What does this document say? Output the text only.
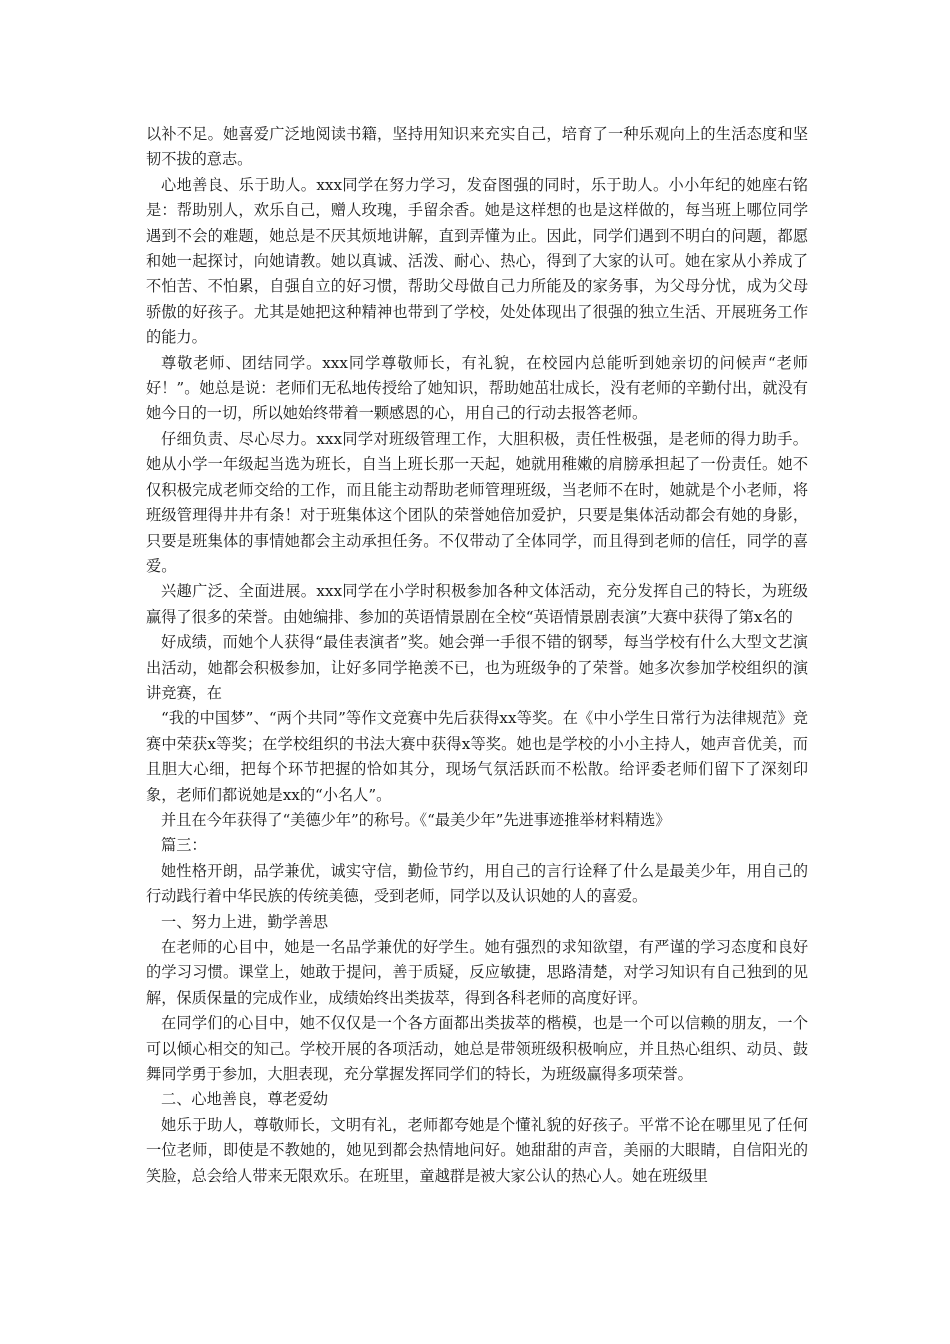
以补不足。她喜爱广泛地阅读书籍，坚持用知识来充实自己，培育了一种乐观向上的生活态度和坚韧不拔的意志。

心地善良、乐于助人。xxx同学在努力学习，发奋图强的同时，乐于助人。小小年纪的她座右铭是：帮助别人，欢乐自己，赠人玫瑰，手留余香。她是这样想的也是这样做的，每当班上哪位同学遇到不会的难题，她总是不厌其烦地讲解，直到弄懂为止。因此，同学们遇到不明白的问题，都愿和她一起探讨，向她请教。她以真诚、活泼、耐心、热心，得到了大家的认可。她在家从小养成了不怕苦、不怕累，自强自立的好习惯，帮助父母做自己力所能及的家务事，为父母分忧，成为父母骄傲的好孩子。尤其是她把这种精神也带到了学校，处处体现出了很强的独立生活、开展班务工作的能力。

尊敬老师、团结同学。xxx同学尊敬师长，有礼貌，在校园内总能听到她亲切的问候声“老师好！”。她总是说：老师们无私地传授给了她知识，帮助她茁壮成长，没有老师的辛勤付出，就没有她今日的一切，所以她始终带着一颗感恩的心，用自己的行动去报答老师。

仔细负责、尽心尽力。xxx同学对班级管理工作，大胆积极，责任性极强，是老师的得力助手。她从小学一年级起当选为班长，自当上班长那一天起，她就用稚嫩的肩膀承担起了一份责任。她不仅积极完成老师交给的工作，而且能主动帮助老师管理班级，当老师不在时，她就是个小老师，将班级管理得井井有条！对于班集体这个团队的荣誉她倍加爱护，只要是集体活动都会有她的身影，只要是班集体的事情她都会主动承担任务。不仅带动了全体同学，而且得到老师的信任，同学的喜爱。

兴趣广泛、全面进展。xxx同学在小学时积极参加各种文体活动，充分发挥自己的特长，为班级赢得了很多的荣誉。由她编排、参加的英语情景剧在全校“英语情景剧表演”大赛中获得了第x名的

好成绩，而她个人获得“最佳表演者”奖。她会弹一手很不错的钢琴，每当学校有什么大型文艺演出活动，她都会积极参加，让好多同学艳羡不已，也为班级争的了荣誉。她多次参加学校组织的演讲竞赛，在

“我的中国梦”、“两个共同”等作文竞赛中先后获得xx等奖。在《中小学生日常行为法律规范》竞赛中荣获x等奖；在学校组织的书法大赛中获得x等奖。她也是学校的小小主持人，她声音优美，而且胆大心细，把每个环节把握的恰如其分，现场气氛活跃而不松散。给评委老师们留下了深刻印象，老师们都说她是xx的“小名人”。

并且在今年获得了“美德少年”的称号。《“最美少年”先进事迹推举材料精选》

篇三：

她性格开朗，品学兼优，诚实守信，勤俭节约，用自己的言行诠释了什么是最美少年，用自己的行动践行着中华民族的传统美德，受到老师，同学以及认识她的人的喜爱。

一、努力上进，勤学善思

在老师的心目中，她是一名品学兼优的好学生。她有强烈的求知欲望，有严谨的学习态度和良好的学习习惯。课堂上，她敢于提问，善于质疑，反应敏捷，思路清楚，对学习知识有自己独到的见解，保质保量的完成作业，成绩始终出类拔萃，得到各科老师的高度好评。

在同学们的心目中，她不仅仅是一个各方面都出类拔萃的楷模，也是一个可以信赖的朋友，一个可以倾心相交的知己。学校开展的各项活动，她总是带领班级积极响应，并且热心组织、动员、鼓舞同学勇于参加，大胆表现，充分掌握发挥同学们的特长，为班级赢得多项荣誉。

二、心地善良，尊老爱幼

她乐于助人，尊敬师长，文明有礼，老师都夸她是个懂礼貌的好孩子。平常不论在哪里见了任何一位老师，即使是不教她的，她见到都会热情地问好。她甜甜的声音，美丽的大眼睛，自信阳光的笑脸，总会给人带来无限欢乐。在班里，童越群是被大家公认的热心人。她在班级里
